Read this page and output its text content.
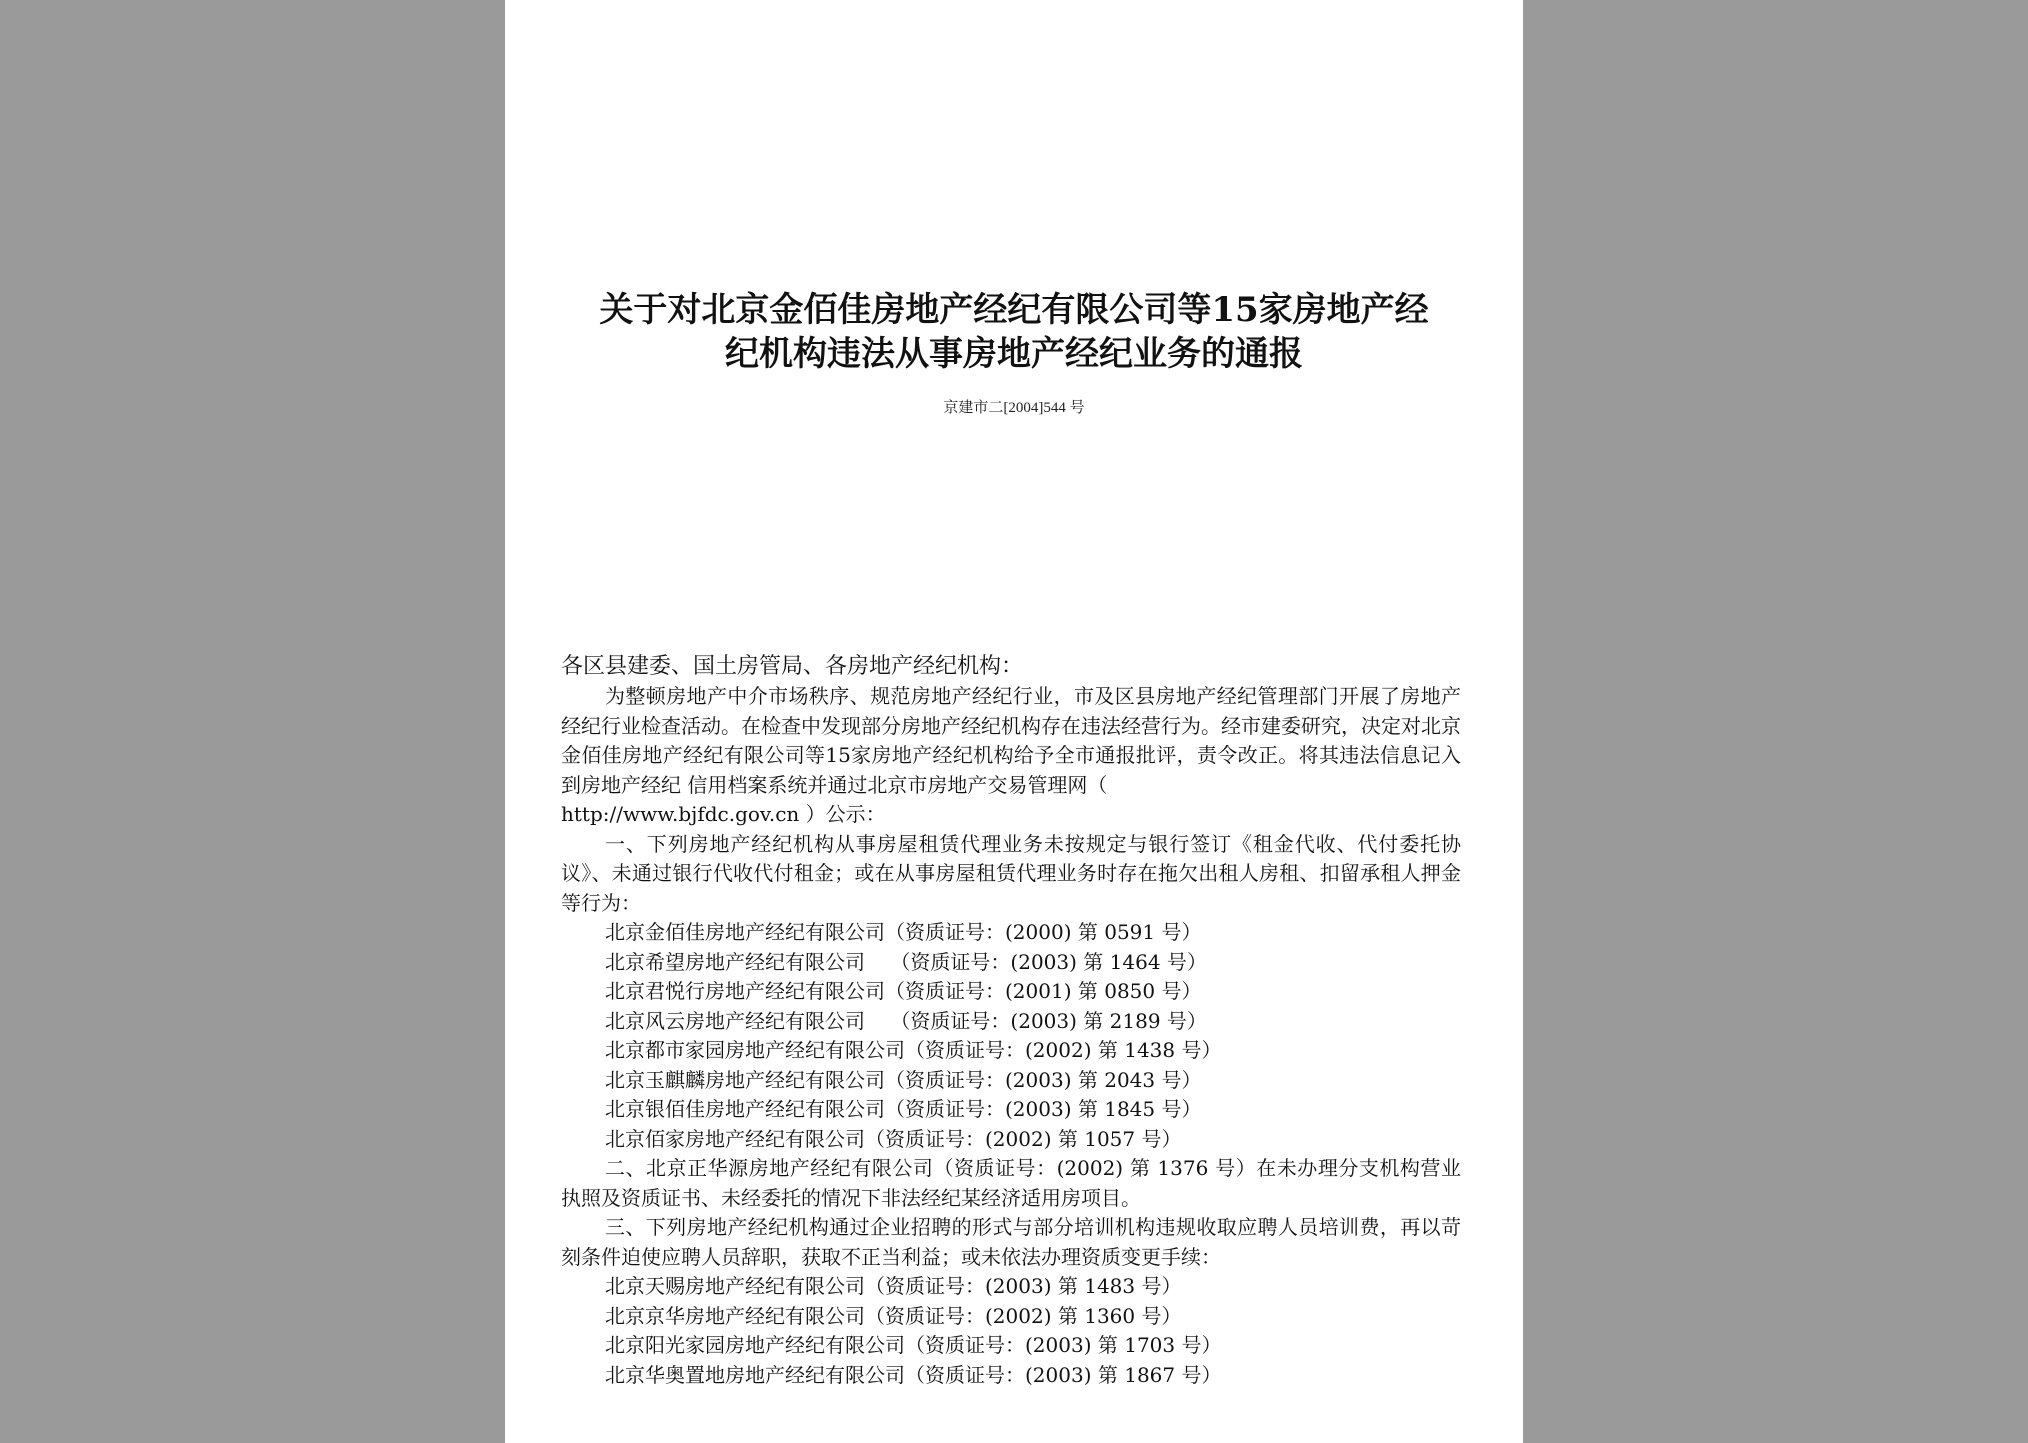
关于对北京金佰佳房地产经纪有限公司等15家房地产经
纪机构违法从事房地产经纪业务的通报
京建市二[2004]544 号

各区县建委、国土房管局、各房地产经纪机构：

为整顿房地产中介市场秩序、规范房地产经纪行业，市及区县房地产经纪管理部门开展了房地产经纪行业检查活动。在检查中发现部分房地产经纪机构存在违法经营行为。经市建委研究，决定对北京金佰佳房地产经纪有限公司等15家房地产经纪机构给予全市通报批评，责令改正。将其违法信息记入到房地产经纪 信用档案系统并通过北京市房地产交易管理网（

http://www.bjfdc.gov.cn ）公示：

一、下列房地产经纪机构从事房屋租赁代理业务未按规定与银行签订《租金代收、代付委托协议》、未通过银行代收代付租金；或在从事房屋租赁代理业务时存在拖欠出租人房租、扣留承租人押金等行为：

北京金佰佳房地产经纪有限公司（资质证号：(2000) 第 0591 号）
北京希望房地产经纪有限公司    （资质证号：(2003) 第 1464 号）
北京君悦行房地产经纪有限公司（资质证号：(2001) 第 0850 号）
北京风云房地产经纪有限公司    （资质证号：(2003) 第 2189 号）
北京都市家园房地产经纪有限公司（资质证号：(2002) 第 1438 号）
北京玉麒麟房地产经纪有限公司（资质证号：(2003) 第 2043 号）
北京银佰佳房地产经纪有限公司（资质证号：(2003) 第 1845 号）
北京佰家房地产经纪有限公司（资质证号：(2002) 第 1057 号）

二、北京正华源房地产经纪有限公司（资质证号：(2002) 第 1376 号）在未办理分支机构营业执照及资质证书、未经委托的情况下非法经纪某经济适用房项目。

三、下列房地产经纪机构通过企业招聘的形式与部分培训机构违规收取应聘人员培训费，再以苛刻条件迫使应聘人员辞职，获取不正当利益；或未依法办理资质变更手续：

北京天赐房地产经纪有限公司（资质证号：(2003) 第 1483 号）
北京京华房地产经纪有限公司（资质证号：(2002) 第 1360 号）
北京阳光家园房地产经纪有限公司（资质证号：(2003) 第 1703 号）
北京华奥置地房地产经纪有限公司（资质证号：(2003) 第 1867 号）
